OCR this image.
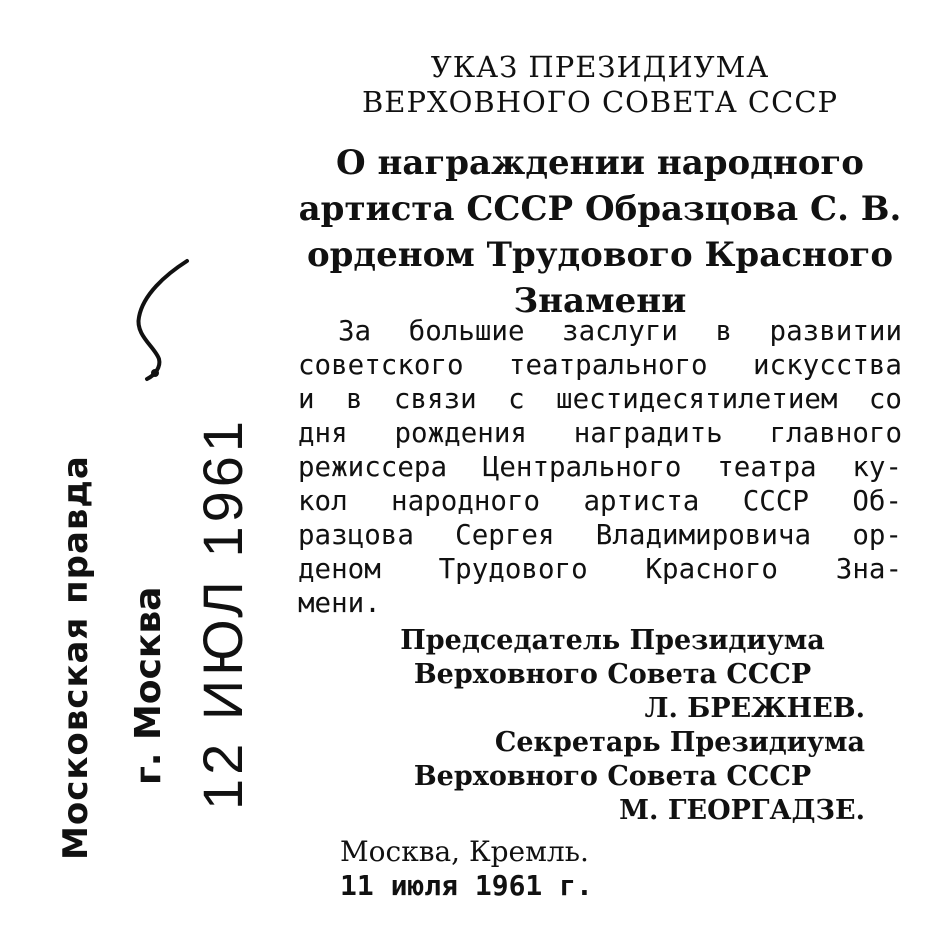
УКАЗ ПРЕЗИДИУМА
ВЕРХОВНОГО СОВЕТА СССР
О награждении народного
артиста СССР Образцова С. В.
орденом Трудового Красного
Знамени
За большие заслуги в развитии
советского театрального искусства
и в связи с шестидесятилетием со
дня рождения наградить главного
режиссера Центрального театра ку-
кол народного артиста СССР Об-
разцова Сергея Владимировича ор-
деном Трудового Красного Зна-
мени.
Председатель Президиума
Верховного Совета СССР
Л. БРЕЖНЕВ.
Секретарь Президиума
Верховного Совета СССР
М. ГЕОРГАДЗЕ.
Москва, Кремль.
11 июля 1961 г.
Московская правда г. Москва 12 ИЮЛ 1961
